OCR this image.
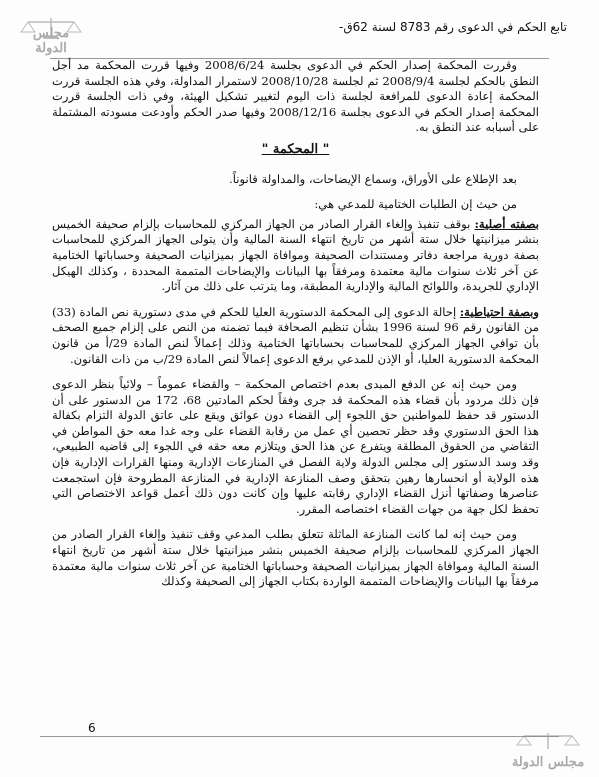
مجلس الدولة
تابع الحكم في الدعوى رقم 8783 لسنة 62ق-

وقررت المحكمة إصدار الحكم في الدعوى بجلسة 2008/6/24 وفيها قررت المحكمة مد أجل النطق بالحكم لجلسة 2008/9/4 ثم لجلسة 2008/10/28 لاستمرار المداولة، وفي هذه الجلسة قررت المحكمة إعادة الدعوى للمرافعة لجلسة ذات اليوم لتغيير تشكيل الهيئة، وفي ذات الجلسة قررت المحكمة إصدار الحكم في الدعوى بجلسة 2008/12/16 وفيها صدر الحكم وأودعت مسودته المشتملة على أسبابه عند النطق به.

" المحكمة "

بعد الإطلاع على الأوراق، وسماع الإيضاحات، والمداولة قانوناً.

من حيث إن الطلبات الختامية للمدعي هي:

بصفته أصلية: بوقف تنفيذ وإلغاء القرار الصادر من الجهاز المركزي للمحاسبات بإلزام صحيفة الخميس بنشر ميزانيتها خلال ستة أشهر من تاريخ انتهاء السنة المالية وأن يتولى الجهاز المركزي للمحاسبات بصفة دورية مراجعة دفاتر ومستندات الصحيفة وموافاة الجهاز بميزانيات الصحيفة وحساباتها الختامية عن آخر ثلاث سنوات مالية معتمدة ومرفقاً بها البيانات والإيضاحات المتممة المحددة ، وكذلك الهيكل الإداري للجريدة، واللوائح المالية والإدارية المطبقة، وما يترتب على ذلك من آثار.

وبصفة احتياطية: إحالة الدعوى إلى المحكمة الدستورية العليا للحكم في مدى دستورية نص المادة (33) من القانون رقم 96 لسنة 1996 بشأن تنظيم الصحافة فيما تضمنه من النص على إلزام جميع الصحف بأن توافي الجهاز المركزي للمحاسبات بحساباتها الختامية وذلك إعمالاً لنص المادة 29/أ من قانون المحكمة الدستورية العليا، أو الإذن للمدعي برفع الدعوى إعمالاً لنص المادة 29/ب من ذات القانون.

ومن حيث إنه عن الدفع المبدى بعدم اختصاص المحكمة – والقضاء عموماً – ولائياً بنظر الدعوى فإن ذلك مردود بأن قضاء هذه المحكمة قد جرى وفقاً لحكم المادتين 68، 172 من الدستور على أن الدستور قد حفظ للمواطنين حق اللجوء إلى القضاء دون عوائق ويقع على عاتق الدولة التزام بكفالة هذا الحق الدستوري وقد حظر تحصين أي عمل من رقابة القضاء على وجه غدا معه حق المواطن في التقاضي من الحقوق المطلقة ويتفرع عن هذا الحق ويتلازم معه حقه في اللجوء إلى قاضيه الطبيعي، وقد وسد الدستور إلى مجلس الدولة ولاية الفصل في المنازعات الإدارية ومنها القرارات الإدارية فإن هذه الولاية أو انحسارها رهين بتحقق وصف المنازعة الإدارية في المنازعة المطروحة فإن استجمعت عناصرها وصفاتها أنزل القضاء الإداري رقابته عليها وإن كانت دون ذلك أعمل قواعد الاختصاص التي تحفظ لكل جهة من جهات القضاء اختصاصه المقرر.

ومن حيث إنه لما كانت المنازعة الماثلة تتعلق بطلب المدعي وقف تنفيذ وإلغاء القرار الصادر من الجهاز المركزي للمحاسبات بإلزام صحيفة الخميس بنشر ميزانيتها خلال ستة أشهر من تاريخ انتهاء السنة المالية وموافاة الجهاز بميزانيات الصحيفة وحساباتها الختامية عن آخر ثلاث سنوات مالية معتمدة مرفقاً بها البيانات والإيضاحات المتممة الواردة بكتاب الجهاز إلى الصحيفة وكذلك

6
مجلس الدولة
